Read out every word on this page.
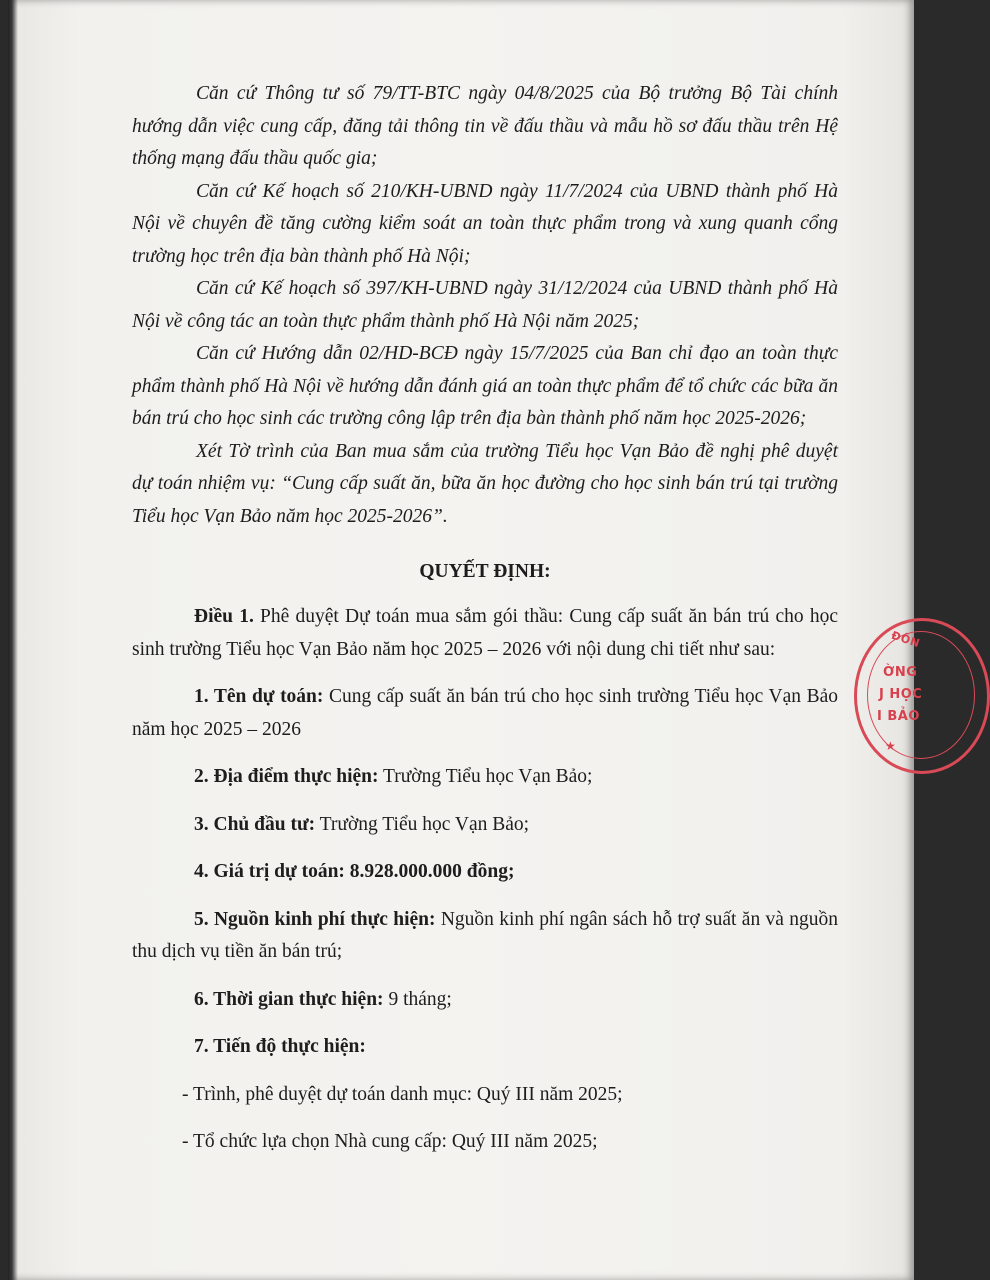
Căn cứ Thông tư số 79/TT-BTC ngày 04/8/2025 của Bộ trưởng Bộ Tài chính hướng dẫn việc cung cấp, đăng tải thông tin về đấu thầu và mẫu hồ sơ đấu thầu trên Hệ thống mạng đấu thầu quốc gia;

Căn cứ Kế hoạch số 210/KH-UBND ngày 11/7/2024 của UBND thành phố Hà Nội về chuyên đề tăng cường kiểm soát an toàn thực phẩm trong và xung quanh cổng trường học trên địa bàn thành phố Hà Nội;

Căn cứ Kế hoạch số 397/KH-UBND ngày 31/12/2024 của UBND thành phố Hà Nội về công tác an toàn thực phẩm thành phố Hà Nội năm 2025;

Căn cứ Hướng dẫn 02/HD-BCĐ ngày 15/7/2025 của Ban chỉ đạo an toàn thực phẩm thành phố Hà Nội về hướng dẫn đánh giá an toàn thực phẩm để tổ chức các bữa ăn bán trú cho học sinh các trường công lập trên địa bàn thành phố năm học 2025-2026;

Xét Tờ trình của Ban mua sắm của trường Tiểu học Vạn Bảo đề nghị phê duyệt dự toán nhiệm vụ: “Cung cấp suất ăn, bữa ăn học đường cho học sinh bán trú tại trường Tiểu học Vạn Bảo năm học 2025-2026”.

QUYẾT ĐỊNH:

Điều 1. Phê duyệt Dự toán mua sắm gói thầu: Cung cấp suất ăn bán trú cho học sinh trường Tiểu học Vạn Bảo năm học 2025 – 2026 với nội dung chi tiết như sau:

1. Tên dự toán: Cung cấp suất ăn bán trú cho học sinh trường Tiểu học Vạn Bảo năm học 2025 – 2026

2. Địa điểm thực hiện: Trường Tiểu học Vạn Bảo;

3. Chủ đầu tư: Trường Tiểu học Vạn Bảo;

4. Giá trị dự toán: 8.928.000.000 đồng;

5. Nguồn kinh phí thực hiện: Nguồn kinh phí ngân sách hỗ trợ suất ăn và nguồn thu dịch vụ tiền ăn bán trú;

6. Thời gian thực hiện: 9 tháng;

7. Tiến độ thực hiện:

- Trình, phê duyệt dự toán danh mục: Quý III năm 2025;

- Tổ chức lựa chọn Nhà cung cấp: Quý III năm 2025;

ĐÔN
ỜNG
J HỌC
I BẢO
★
